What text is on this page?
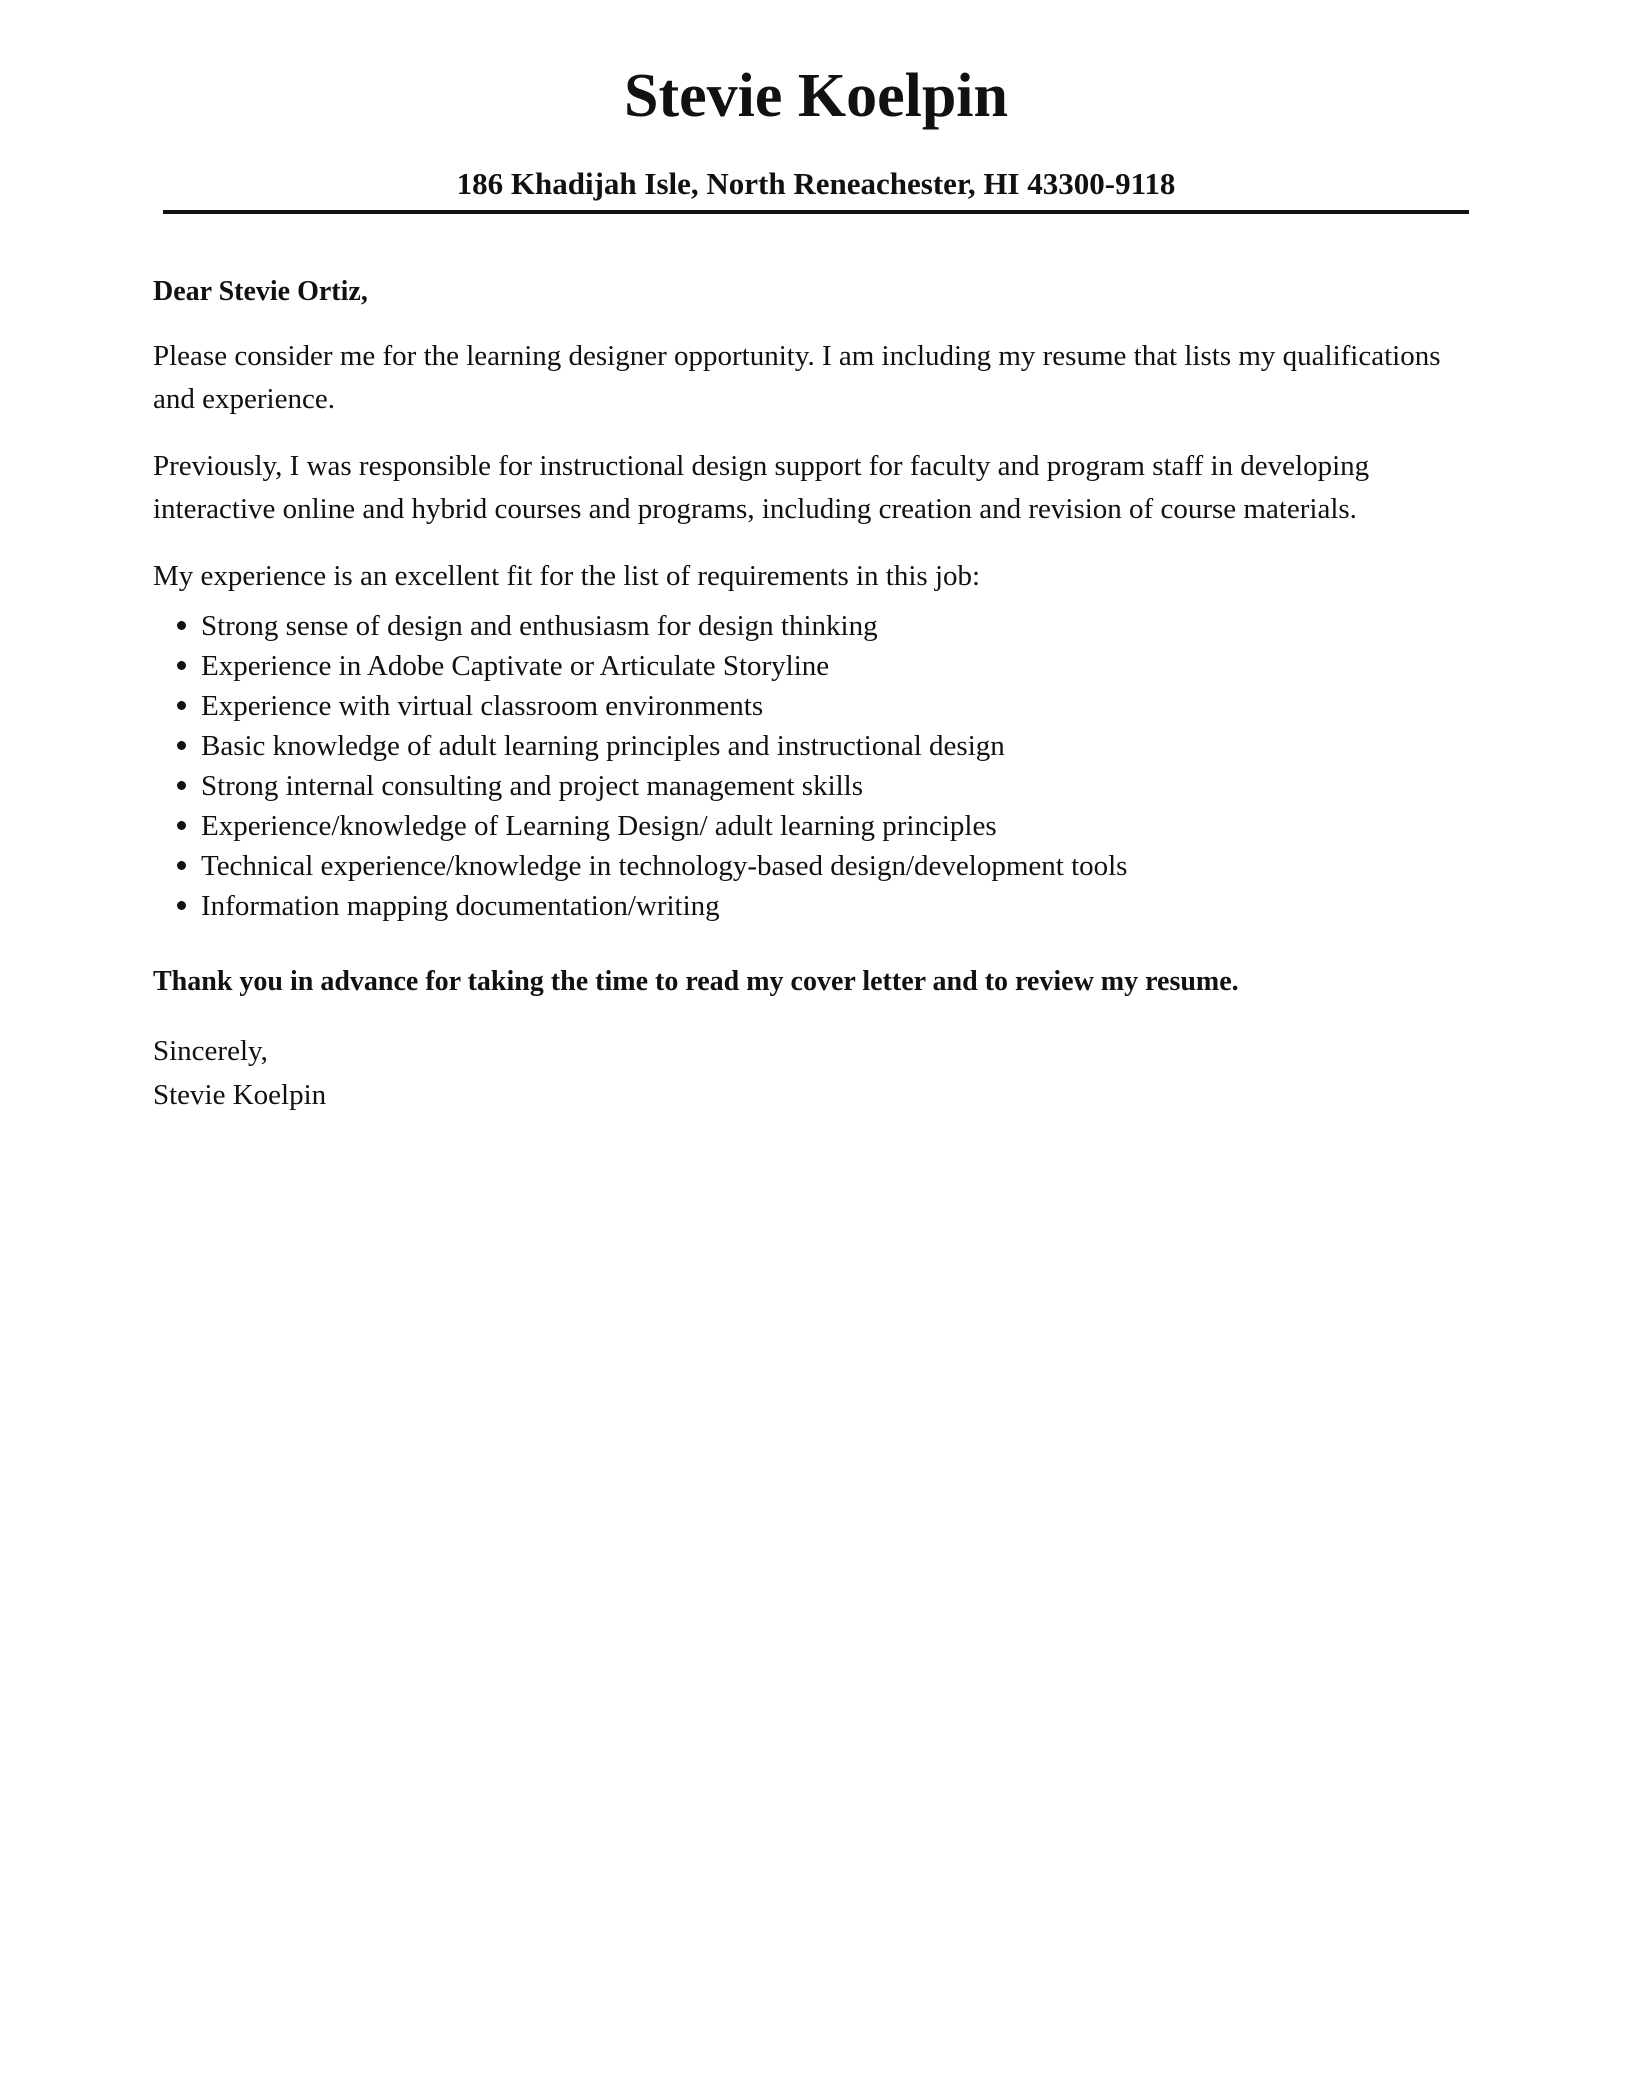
Stevie Koelpin
186 Khadijah Isle, North Reneachester, HI 43300-9118

Dear Stevie Ortiz,

Please consider me for the learning designer opportunity. I am including my resume that lists my qualifications and experience.

Previously, I was responsible for instructional design support for faculty and program staff in developing interactive online and hybrid courses and programs, including creation and revision of course materials.

My experience is an excellent fit for the list of requirements in this job:

Strong sense of design and enthusiasm for design thinking
Experience in Adobe Captivate or Articulate Storyline
Experience with virtual classroom environments
Basic knowledge of adult learning principles and instructional design
Strong internal consulting and project management skills
Experience/knowledge of Learning Design/ adult learning principles
Technical experience/knowledge in technology-based design/development tools
Information mapping documentation/writing

Thank you in advance for taking the time to read my cover letter and to review my resume.

Sincerely,
Stevie Koelpin
